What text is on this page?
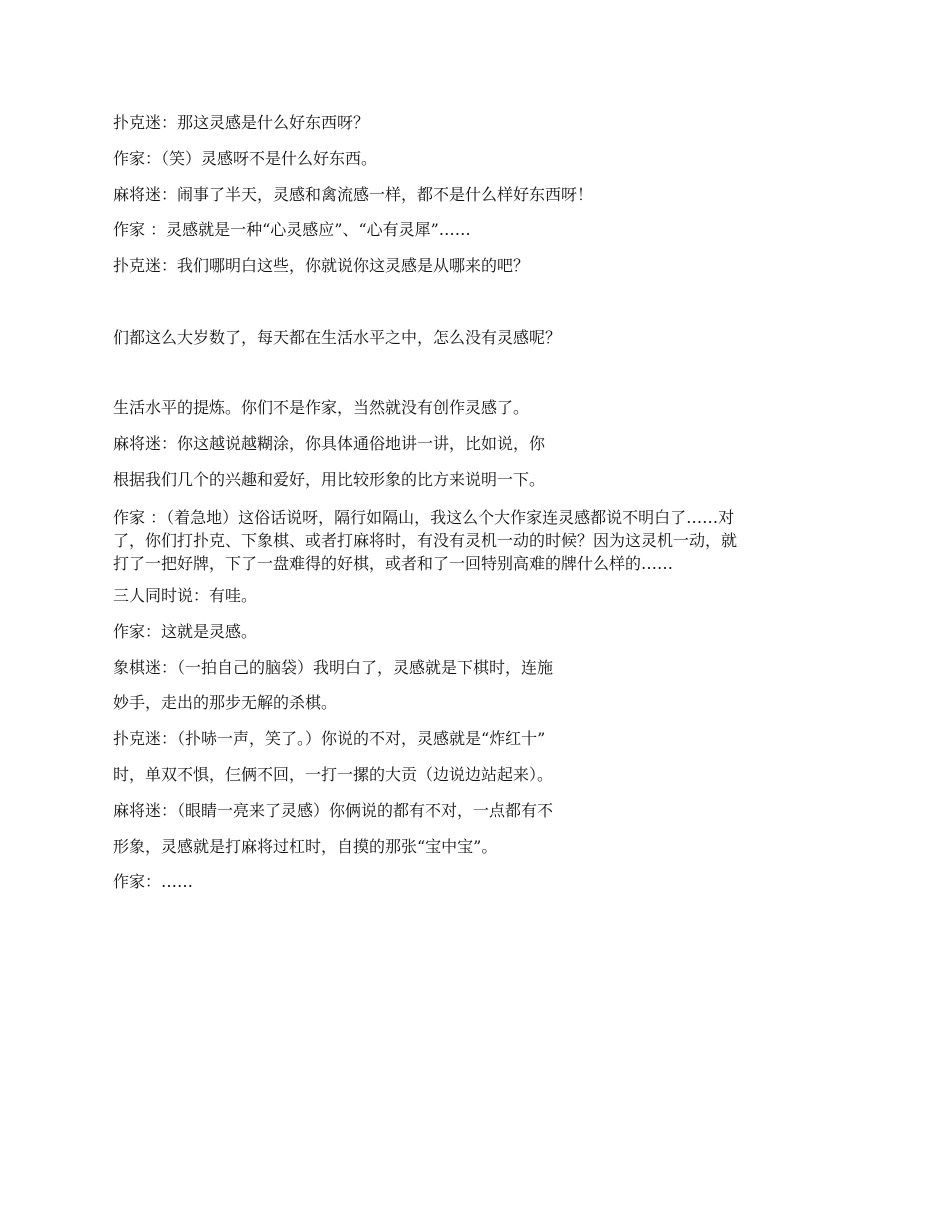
扑克迷：那这灵感是什么好东西呀？
作家：（笑）灵感呀不是什么好东西。
麻将迷：闹事了半天，灵感和禽流感一样，都不是什么样好东西呀！
作家 ：灵感就是一种“心灵感应”、“心有灵犀”……
扑克迷：我们哪明白这些，你就说你这灵感是从哪来的吧？
们都这么大岁数了，每天都在生活水平之中，怎么没有灵感呢？
生活水平的提炼。你们不是作家，当然就没有创作灵感了。
麻将迷：你这越说越糊涂，你具体通俗地讲一讲，比如说，你
根据我们几个的兴趣和爱好，用比较形象的比方来说明一下。
作家 ：（着急地）这俗话说呀，隔行如隔山，我这么个大作家连灵感都说不明白了……对
了，你们打扑克、下象棋、或者打麻将时，有没有灵机一动的时候？因为这灵机一动，就
打了一把好牌，下了一盘难得的好棋，或者和了一回特别高难的牌什么样的……
三人同时说：有哇。
作家：这就是灵感。
象棋迷：（一拍自己的脑袋）我明白了，灵感就是下棋时，连施
妙手，走出的那步无解的杀棋。
扑克迷：（扑哧一声，笑了。）你说的不对，灵感就是“炸红十”
时，单双不惧，仨俩不回，一打一摞的大贡（边说边站起来）。
麻将迷：（眼睛一亮来了灵感）你俩说的都有不对，一点都有不
形象，灵感就是打麻将过杠时，自摸的那张“宝中宝”。
作家：……
